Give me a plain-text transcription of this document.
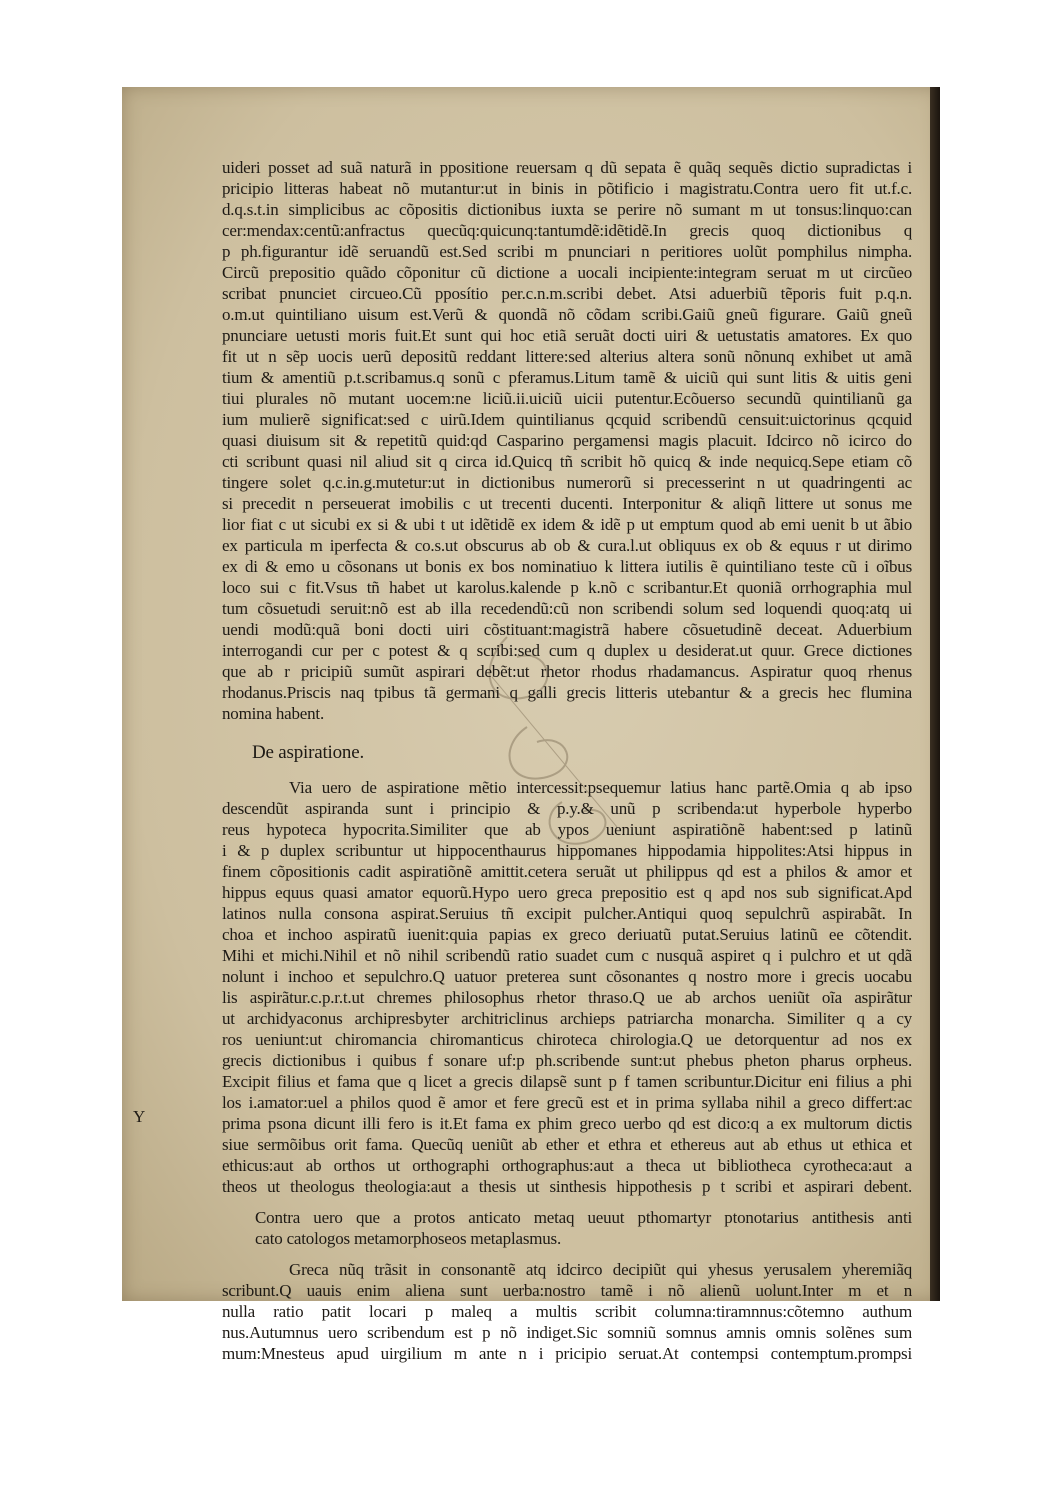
uideri posset ad suã naturã in ppositione reuersam q dũ sepata ẽ quãq sequẽs dictio supradictas i
pricipio litteras habeat nõ mutantur:ut in binis in põtificio i magistratu.Contra uero fit ut.f.c.
d.q.s.t.in simplicibus ac cõpositis dictionibus iuxta se perire nõ sumant m ut tonsus:linquo:can
cer:mendax:centũ:anfractus quecũq:quicunq:tantumdẽ:idẽtidẽ.In grecis quoq dictionibus q
p ph.figurantur idẽ seruandũ est.Sed scribi m pnunciari n peritiores uolũt pomphilus nimpha.
Circũ prepositio quãdo cõponitur cũ dictione a uocali incipiente:integram seruat m ut circũeo
scribat pnunciet circueo.Cũ pposítio per.c.n.m.scribi debet. Atsi aduerbiũ tẽporis fuit p.q.n.
o.m.ut quintiliano uisum est.Verũ & quondã nõ cõdam scribi.Gaiũ gneũ figurare. Gaiũ gneũ
pnunciare uetusti moris fuit.Et sunt qui hoc etiã seruãt docti uiri & uetustatis amatores. Ex quo
fit ut n sẽp uocis uerũ depositũ reddant littere:sed alterius altera sonũ nõnunq exhibet ut amã
tium & amentiũ p.t.scribamus.q sonũ c pferamus.Litum tamẽ & uiciũ qui sunt litis & uitis geni
tiui plurales nõ mutant uocem:ne liciũ.ii.uiciũ uicii putentur.Ecõuerso secundũ quintilianũ ga
ium mulierẽ significat:sed c uirũ.Idem quintilianus qcquid scribendũ censuit:uictorinus qcquid
quasi diuisum sit & repetitũ quid:qd Casparino pergamensi magis placuit. Idcirco nõ icirco do
cti scribunt quasi nil aliud sit q circa id.Quicq tñ scribit hõ quicq & inde nequicq.Sepe etiam cõ
tingere solet q.c.in.g.mutetur:ut in dictionibus numerorũ si precesserint n ut quadringenti ac
si precedit n perseuerat imobilis c ut trecenti ducenti. Interponitur & aliqñ littere ut sonus me
lior fiat c ut sicubi ex si & ubi t ut idẽtidẽ ex idem & idẽ p ut emptum quod ab emi uenit b ut ãbio
ex particula m iperfecta & co.s.ut obscurus ab ob & cura.l.ut obliquus ex ob & equus r ut dirimo
ex di & emo u cõsonans ut bonis ex bos nominatiuo k littera iutilis ẽ quintiliano teste cũ i oĩbus
loco sui c fit.Vsus tñ habet ut karolus.kalende p k.nõ c scribantur.Et quoniã orrhographia mul
tum cõsuetudi seruit:nõ est ab illa recedendũ:cũ non scribendi solum sed loquendi quoq:atq ui
uendi modũ:quã boni docti uiri cõstituant:magistrã habere cõsuetudinẽ deceat. Aduerbium
interrogandi cur per c potest & q scribi:sed cum q duplex u desiderat.ut quur. Grece dictiones
que ab r pricipiũ sumũt aspirari debẽt:ut rhetor rhodus rhadamancus. Aspiratur quoq rhenus
rhodanus.Priscis naq tpibus tã germani q galli grecis litteris utebantur & a grecis hec flumina
nomina habent.
De aspiratione.
Via uero de aspiratione mẽtio intercessit:psequemur latius hanc partẽ.Omia q ab ipso
descendũt aspiranda sunt i principio & p.y.& unũ p scribenda:ut hyperbole hyperbo
reus hypoteca hypocrita.Similiter que ab ypos ueniunt aspiratiõnẽ habent:sed p latinũ
i & p duplex scribuntur ut hippocenthaurus hippomanes hippodamia hippolites:Atsi hippus in
finem cõpositionis cadit aspiratiõnẽ amittit.cetera seruãt ut philippus qd est a philos & amor et
hippus equus quasi amator equorũ.Hypo uero greca prepositio est q apd nos sub significat.Apd
latinos nulla consona aspirat.Seruius tñ excipit pulcher.Antiqui quoq sepulchrũ aspirabãt. In
choa et inchoo aspiratũ iuenit:quia papias ex greco deriuatũ putat.Seruius latinũ ee cõtendit.
Mihi et michi.Nihil et nõ nihil scribendũ ratio suadet cum c nusquã aspiret q i pulchro et ut qdã
nolunt i inchoo et sepulchro.Q uatuor preterea sunt cõsonantes q nostro more i grecis uocabu
lis aspirãtur.c.p.r.t.ut chremes philosophus rhetor thraso.Q ue ab archos ueniũt oĩa aspirãtur
ut archidyaconus archipresbyter architriclinus archieps patriarcha monarcha. Similiter q a cy
ros ueniunt:ut chiromancia chiromanticus chiroteca chirologia.Q ue detorquentur ad nos ex
grecis dictionibus i quibus f sonare uf:p ph.scribende sunt:ut phebus pheton pharus orpheus.
Excipit filius et fama que q licet a grecis dilapsẽ sunt p f tamen scribuntur.Dicitur eni filius a phi
los i.amator:uel a philos quod ẽ amor et fere grecũ est et in prima syllaba nihil a greco differt:ac
prima psona dicunt illi fero is it.Et fama ex phim greco uerbo qd est dico:q a ex multorum dictis
siue sermõibus orit fama. Quecũq ueniũt ab ether et ethra et ethereus aut ab ethus ut ethica et
ethicus:aut ab orthos ut orthographi orthographus:aut a theca ut bibliotheca cyrotheca:aut a
theos ut theologus theologia:aut a thesis ut sinthesis hippothesis p t scribi et aspirari debent.
Contra uero que a protos anticato metaq ueuut pthomartyr ptonotarius antithesis anti
cato catologos metamorphoseos metaplasmus.
Greca nũq trãsit in consonantẽ atq idcirco decipiũt qui yhesus yerusalem yheremiãq
scribunt.Q uauis enim aliena sunt uerba:nostro tamẽ i nõ alienũ uolunt.Inter m et n
nulla ratio patit locari p maleq a multis scribit columna:tiramnnus:cõtemno authum
nus.Autumnus uero scribendum est p nõ indiget.Sic somniũ somnus amnis omnis solẽnes sum
mum:Mnesteus apud uirgilium m ante n i pricipio seruat.At contempsi contemptum.prompsi
Y
